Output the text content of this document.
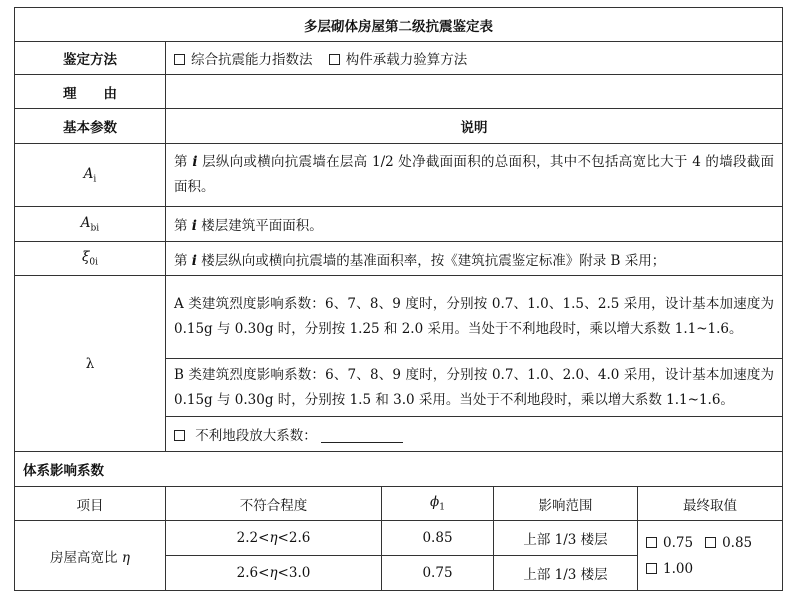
多层砌体房屋第二级抗震鉴定表				
鉴定方法	综合抗震能力指数法 构件承载力验算方法			
理　　由				
基本参数	说明			
$A_i$	第 i 层纵向或横向抗震墙在层高 1/2 处净截面面积的总面积，其中不包括高宽比大于 4 的墙段截面面积。			
$A_{bi}$	第 i 楼层建筑平面面积。			
$\xi_{0i}$	第 i 楼层纵向或横向抗震墙的基准面积率，按《建筑抗震鉴定标准》附录 B 采用；			
λ	A 类建筑烈度影响系数：6、7、8、9 度时，分别按 0.7、1.0、1.5、2.5 采用，设计基本加速度为 0.15g 与 0.30g 时，分别按 1.25 和 2.0 采用。当处于不利地段时，乘以增大系数 1.1~1.6。			
	B 类建筑烈度影响系数：6、7、8、9 度时，分别按 0.7、1.0、2.0、4.0 采用，设计基本加速度为 0.15g 与 0.30g 时，分别按 1.5 和 3.0 采用。当处于不利地段时，乘以增大系数 1.1~1.6。			
	不利地段放大系数：			
体系影响系数				
项目	不符合程度	$\phi_1$	影响范围	最终取值
房屋高宽比 η	2.2<η<2.6	0.85	上部 1/3 楼层	0.75 0.85
1.00

	2.6<η<3.0	0.75	上部 1/3 楼层	
